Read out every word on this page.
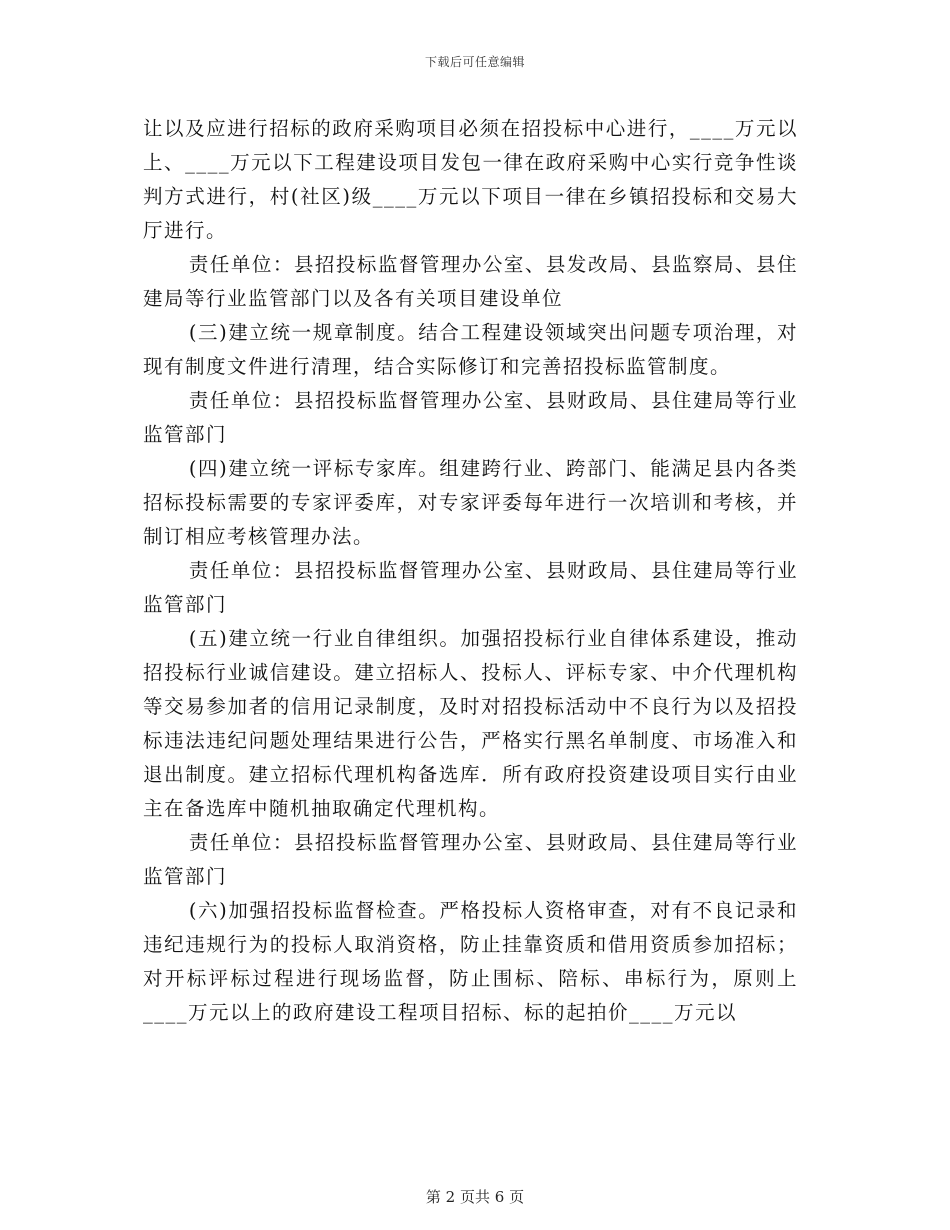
下载后可任意编辑

让以及应进行招标的政府采购项目必须在招投标中心进行，____万元以上、____万元以下工程建设项目发包一律在政府采购中心实行竞争性谈判方式进行，村(社区)级____万元以下项目一律在乡镇招投标和交易大厅进行。

责任单位：县招投标监督管理办公室、县发改局、县监察局、县住建局等行业监管部门以及各有关项目建设单位

(三)建立统一规章制度。结合工程建设领域突出问题专项治理，对现有制度文件进行清理，结合实际修订和完善招投标监管制度。

责任单位：县招投标监督管理办公室、县财政局、县住建局等行业监管部门

(四)建立统一评标专家库。组建跨行业、跨部门、能满足县内各类招标投标需要的专家评委库，对专家评委每年进行一次培训和考核，并制订相应考核管理办法。

责任单位：县招投标监督管理办公室、县财政局、县住建局等行业监管部门

(五)建立统一行业自律组织。加强招投标行业自律体系建设，推动招投标行业诚信建设。建立招标人、投标人、评标专家、中介代理机构等交易参加者的信用记录制度，及时对招投标活动中不良行为以及招投标违法违纪问题处理结果进行公告，严格实行黑名单制度、市场准入和退出制度。建立招标代理机构备选库．所有政府投资建设项目实行由业主在备选库中随机抽取确定代理机构。

责任单位：县招投标监督管理办公室、县财政局、县住建局等行业监管部门

(六)加强招投标监督检查。严格投标人资格审查，对有不良记录和违纪违规行为的投标人取消资格，防止挂靠资质和借用资质参加招标；对开标评标过程进行现场监督，防止围标、陪标、串标行为，原则上____万元以上的政府建设工程项目招标、标的起拍价____万元以

第 2 页共 6 页
